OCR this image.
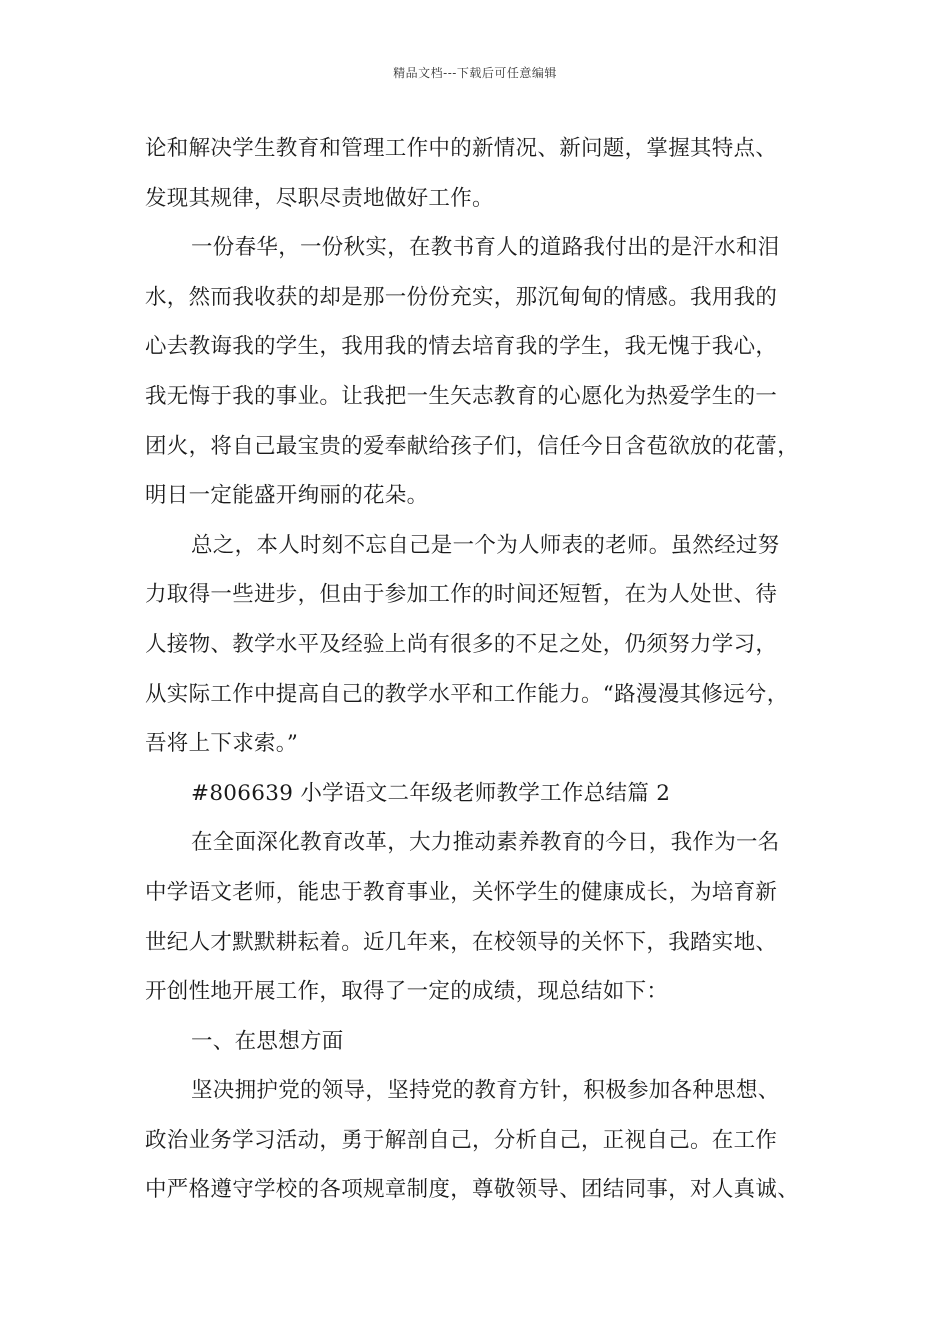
精品文档---下载后可任意编辑
论和解决学生教育和管理工作中的新情况、新问题，掌握其特点、
发现其规律，尽职尽责地做好工作。
一份春华，一份秋实，在教书育人的道路我付出的是汗水和泪
水，然而我收获的却是那一份份充实，那沉甸甸的情感。我用我的
心去教诲我的学生，我用我的情去培育我的学生，我无愧于我心，
我无悔于我的事业。让我把一生矢志教育的心愿化为热爱学生的一
团火，将自己最宝贵的爱奉献给孩子们，信任今日含苞欲放的花蕾，
明日一定能盛开绚丽的花朵。
总之，本人时刻不忘自己是一个为人师表的老师。虽然经过努
力取得一些进步，但由于参加工作的时间还短暂，在为人处世、待
人接物、教学水平及经验上尚有很多的不足之处，仍须努力学习，
从实际工作中提高自己的教学水平和工作能力。“路漫漫其修远兮，
吾将上下求索。”
#806639 小学语文二年级老师教学工作总结篇 2
在全面深化教育改革，大力推动素养教育的今日，我作为一名
中学语文老师，能忠于教育事业，关怀学生的健康成长，为培育新
世纪人才默默耕耘着。近几年来，在校领导的关怀下，我踏实地、
开创性地开展工作，取得了一定的成绩，现总结如下：
一、在思想方面
坚决拥护党的领导，坚持党的教育方针，积极参加各种思想、
政治业务学习活动，勇于解剖自己，分析自己，正视自己。在工作
中严格遵守学校的各项规章制度，尊敬领导、团结同事，对人真诚、
